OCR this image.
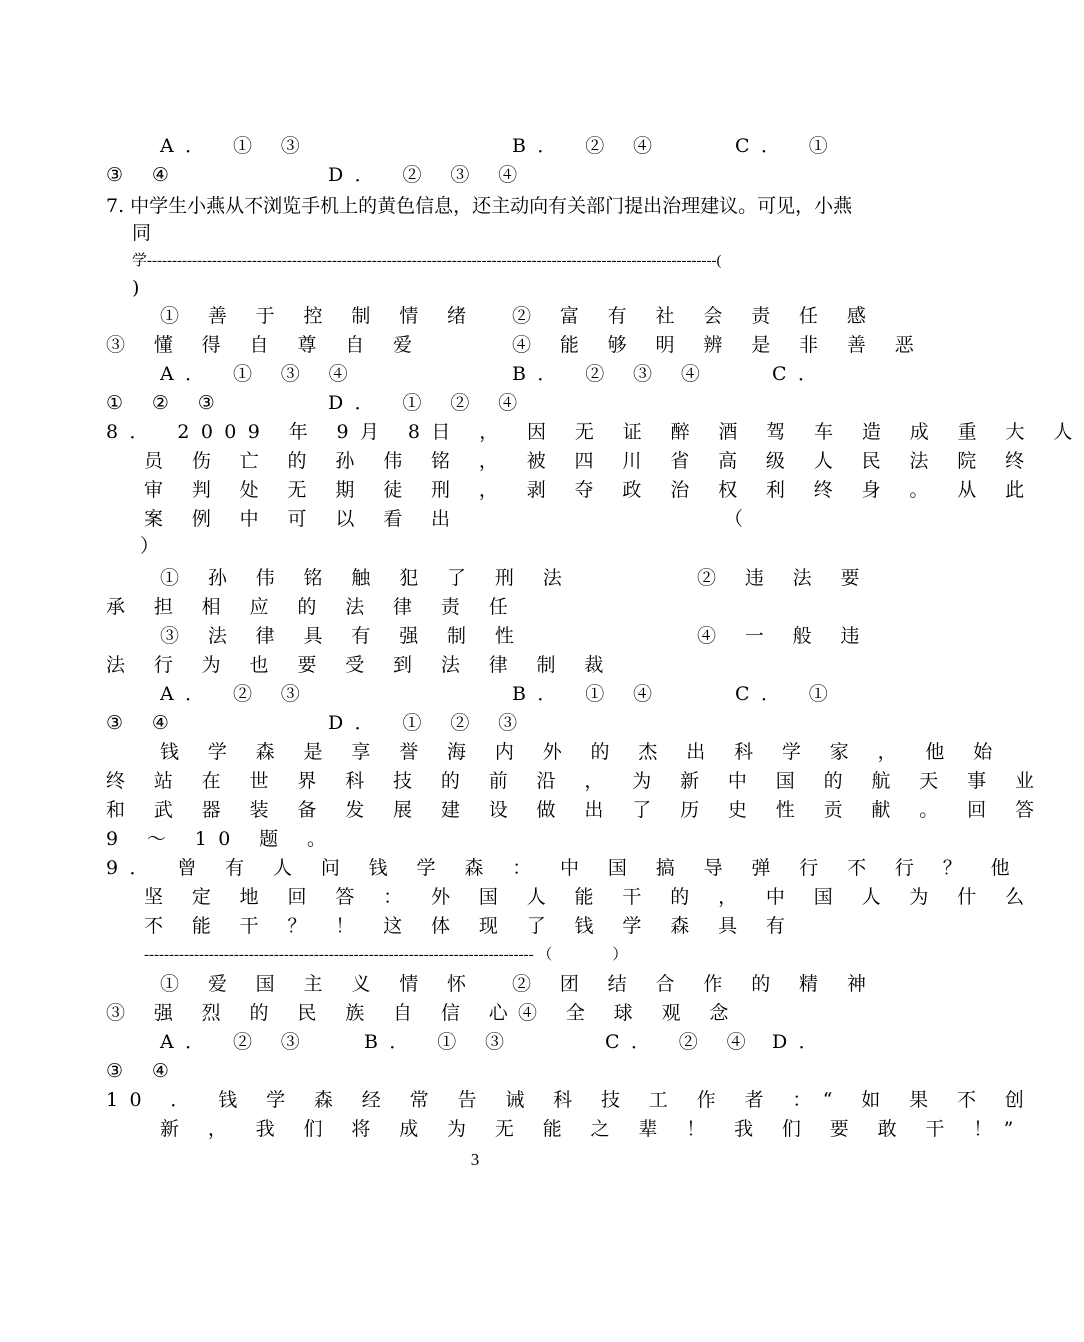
A． ① ③	B． ② ④	C． ①
③ ④	D． ② ③ ④
7. 中学生小燕从不浏览手机上的黄色信息，还主动向有关部门提出治理建议。可见，小燕
同
学------------------------------------------------------------------------------------------------------------------(
)
① 善 于 控 制 情 绪 ② 富 有 社 会 责 任 感
③ 懂 得 自 尊 自 爱	④ 能 够 明 辨 是 非 善 恶
A． ① ③ ④	B． ② ③ ④	C．
① ② ③	D． ① ② ④
8． 2009 年 9月 8日 ， 因 无 证 醉 酒 驾 车 造 成 重 大 人
员 伤 亡 的 孙 伟 铭 ， 被 四 川 省 高 级 人 民 法 院 终
审 判 处 无 期 徒 刑 ， 剥 夺 政 治 权 利 终 身 。 从 此
案 例 中 可 以 看 出	（
）
① 孙 伟 铭 触 犯 了 刑 法	② 违 法 要
承 担 相 应 的 法 律 责 任
③ 法 律 具 有 强 制 性	④ 一 般 违
法 行 为 也 要 受 到 法 律 制 裁
A． ② ③	B． ① ④	C． ①
③ ④	D． ① ② ③
钱 学 森 是 享 誉 海 内 外 的 杰 出 科 学 家 ， 他 始
终 站 在 世 界 科 技 的 前 沿 ， 为 新 中 国 的 航 天 事 业
和 武 器 装 备 发 展 建 设 做 出 了 历 史 性 贡 献 。 回 答
9 ～ 10 题 。
9． 曾 有 人 问 钱 学 森 ： 中 国 搞 导 弹 行 不 行 ？ 他
坚 定 地 回 答 ： 外 国 人 能 干 的 ， 中 国 人 为 什 么
不 能 干 ？ ！ 这 体 现 了 钱 学 森 具 有
------------------------------------------------------------------------------ （　　　　）
① 爱 国 主 义 情 怀 ② 团 结 合 作 的 精 神
③ 强 烈 的 民 族 自 信 心
④ 全 球 观 念
A． ② ③	B． ① ③	C． ② ④ D．
③ ④
10 ． 钱 学 森 经 常 告 诫 科 技 工 作 者 ：“ 如 果 不 创
新 ， 我 们 将 成 为 无 能 之 辈 ！ 我 们 要 敢 干 ！”
3
